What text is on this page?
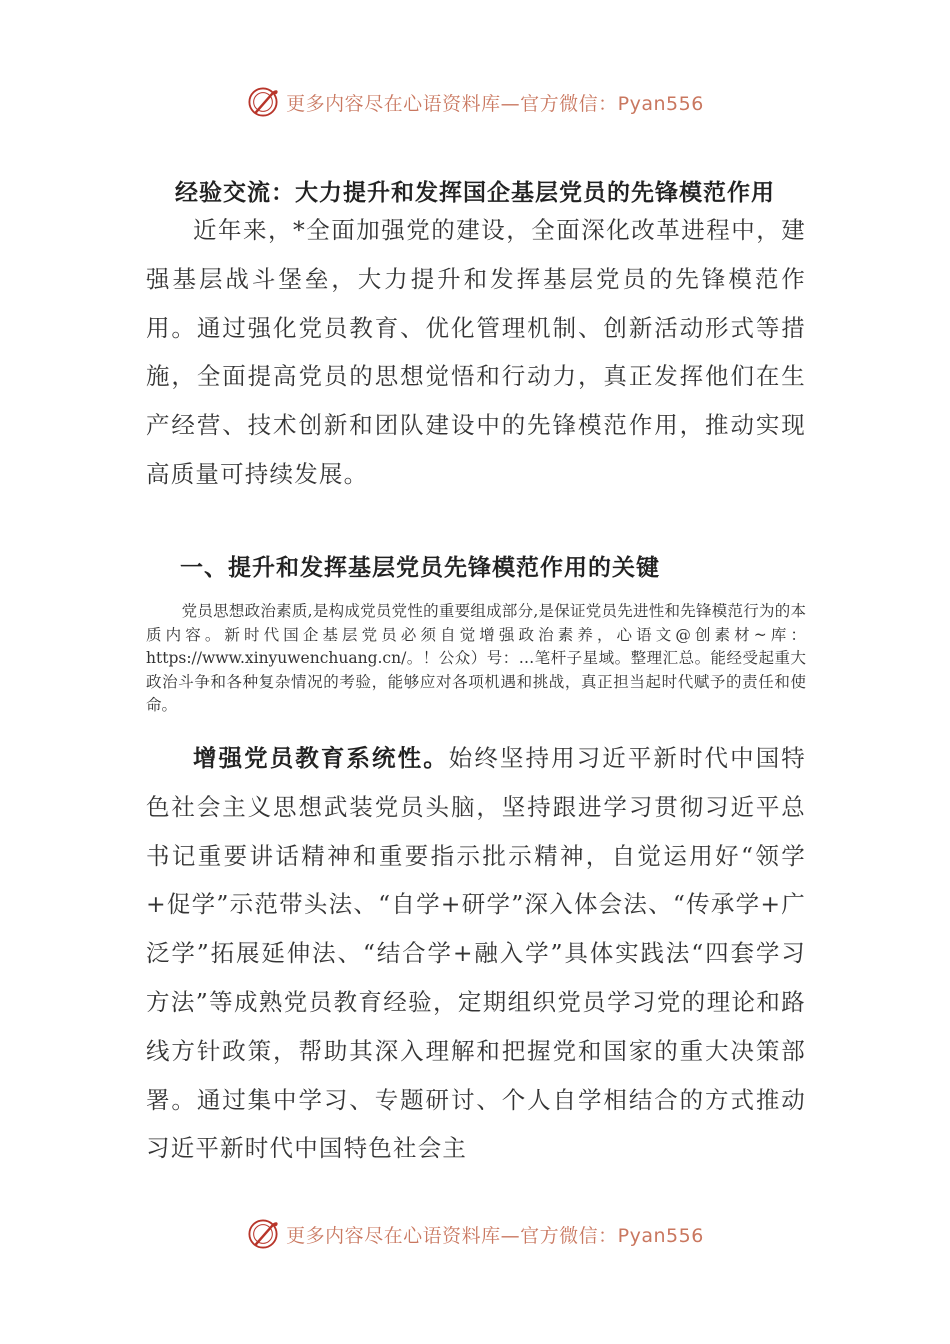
更多内容尽在心语资料库—官方微信：Pyan556
经验交流：大力提升和发挥国企基层党员的先锋模范作用

近年来，*全面加强党的建设，全面深化改革进程中，建强基层战斗堡垒，大力提升和发挥基层党员的先锋模范作用。通过强化党员教育、优化管理机制、创新活动形式等措施，全面提高党员的思想觉悟和行动力，真正发挥他们在生产经营、技术创新和团队建设中的先锋模范作用，推动实现高质量可持续发展。

一、提升和发挥基层党员先锋模范作用的关键

党员思想政治素质,是构成党员党性的重要组成部分,是保证党员先进性和先锋模范行为的本质内容。新时代国企基层党员必须自觉增强政治素养，心语文@创素材~库：https://www.xinyuwenchuang.cn/。！公众）号：…笔杆子星域。整理汇总。能经受起重大政治斗争和各种复杂情况的考验，能够应对各项机遇和挑战，真正担当起时代赋予的责任和使命。

增强党员教育系统性。始终坚持用习近平新时代中国特色社会主义思想武装党员头脑，坚持跟进学习贯彻习近平总书记重要讲话精神和重要指示批示精神，自觉运用好“领学+促学”示范带头法、“自学+研学”深入体会法、“传承学+广泛学”拓展延伸法、“结合学+融入学”具体实践法“四套学习方法”等成熟党员教育经验，定期组织党员学习党的理论和路线方针政策，帮助其深入理解和把握党和国家的重大决策部署。通过集中学习、专题研讨、个人自学相结合的方式推动习近平新时代中国特色社会主

更多内容尽在心语资料库—官方微信：Pyan556
